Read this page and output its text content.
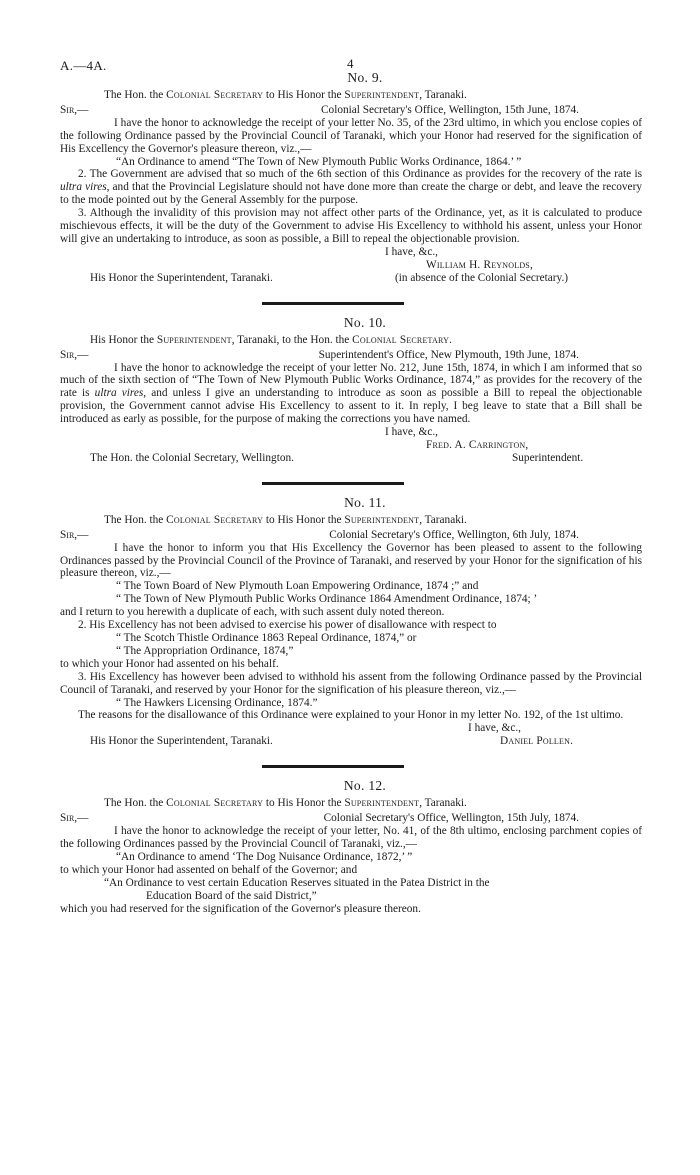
A.—4A.	4
No. 9.
The Hon. the Colonial Secretary to His Honor the Superintendent, Taranaki.
Sir,—	Colonial Secretary's Office, Wellington, 15th June, 1874.

I have the honor to acknowledge the receipt of your letter No. 35, of the 23rd ultimo, in which you enclose copies of the following Ordinance passed by the Provincial Council of Taranaki, which your Honor had reserved for the signification of His Excellency the Governor's pleasure thereon, viz.,—

“An Ordinance to amend “The Town of New Plymouth Public Works Ordinance, 1864.’ ”

2. The Government are advised that so much of the 6th section of this Ordinance as provides for the recovery of the rate is ultra vires, and that the Provincial Legislature should not have done more than create the charge or debt, and leave the recovery to the mode pointed out by the General Assembly for the purpose.

3. Although the invalidity of this provision may not affect other parts of the Ordinance, yet, as it is calculated to produce mischievous effects, it will be the duty of the Government to advise His Excellency to withhold his assent, unless your Honor will give an undertaking to introduce, as soon as possible, a Bill to repeal the objectionable provision.

I have, &c.,
William H. Reynolds,
His Honor the Superintendent, Taranaki.	(in absence of the Colonial Secretary.)
No. 10.
His Honor the Superintendent, Taranaki, to the Hon. the Colonial Secretary.
Sir,—	Superintendent's Office, New Plymouth, 19th June, 1874.

I have the honor to acknowledge the receipt of your letter No. 212, June 15th, 1874, in which I am informed that so much of the sixth section of “The Town of New Plymouth Public Works Ordinance, 1874,” as provides for the recovery of the rate is ultra vires, and unless I give an understanding to introduce as soon as possible a Bill to repeal the objectionable provision, the Government cannot advise His Excellency to assent to it. In reply, I beg leave to state that a Bill shall be introduced as early as possible, for the purpose of making the corrections you have named.

I have, &c.,
Fred. A. Carrington,
The Hon. the Colonial Secretary, Wellington.	Superintendent.
No. 11.
The Hon. the Colonial Secretary to His Honor the Superintendent, Taranaki.
Sir,—	Colonial Secretary's Office, Wellington, 6th July, 1874.

I have the honor to inform you that His Excellency the Governor has been pleased to assent to the following Ordinances passed by the Provincial Council of the Province of Taranaki, and reserved by your Honor for the signification of his pleasure thereon, viz.,—

“ The Town Board of New Plymouth Loan Empowering Ordinance, 1874 ;” and
“ The Town of New Plymouth Public Works Ordinance 1864 Amendment Ordinance, 1874; ’

and I return to you herewith a duplicate of each, with such assent duly noted thereon.

2. His Excellency has not been advised to exercise his power of disallowance with respect to

“ The Scotch Thistle Ordinance 1863 Repeal Ordinance, 1874,” or
“ The Appropriation Ordinance, 1874,”

to which your Honor had assented on his behalf.

3. His Excellency has however been advised to withhold his assent from the following Ordinance passed by the Provincial Council of Taranaki, and reserved by your Honor for the signification of his pleasure thereon, viz.,—

“ The Hawkers Licensing Ordinance, 1874.”

The reasons for the disallowance of this Ordinance were explained to your Honor in my letter No. 192, of the 1st ultimo.

I have, &c.,
His Honor the Superintendent, Taranaki.	Daniel Pollen.
No. 12.
The Hon. the Colonial Secretary to His Honor the Superintendent, Taranaki.
Sir,—	Colonial Secretary's Office, Wellington, 15th July, 1874.

I have the honor to acknowledge the receipt of your letter, No. 41, of the 8th ultimo, enclosing parchment copies of the following Ordinances passed by the Provincial Council of Taranaki, viz.,—

“An Ordinance to amend ‘The Dog Nuisance Ordinance, 1872,’ ”

to which your Honor had assented on behalf of the Governor; and

“An Ordinance to vest certain Education Reserves situated in the Patea District in the
Education Board of the said District,”

which you had reserved for the signification of the Governor's pleasure thereon.
